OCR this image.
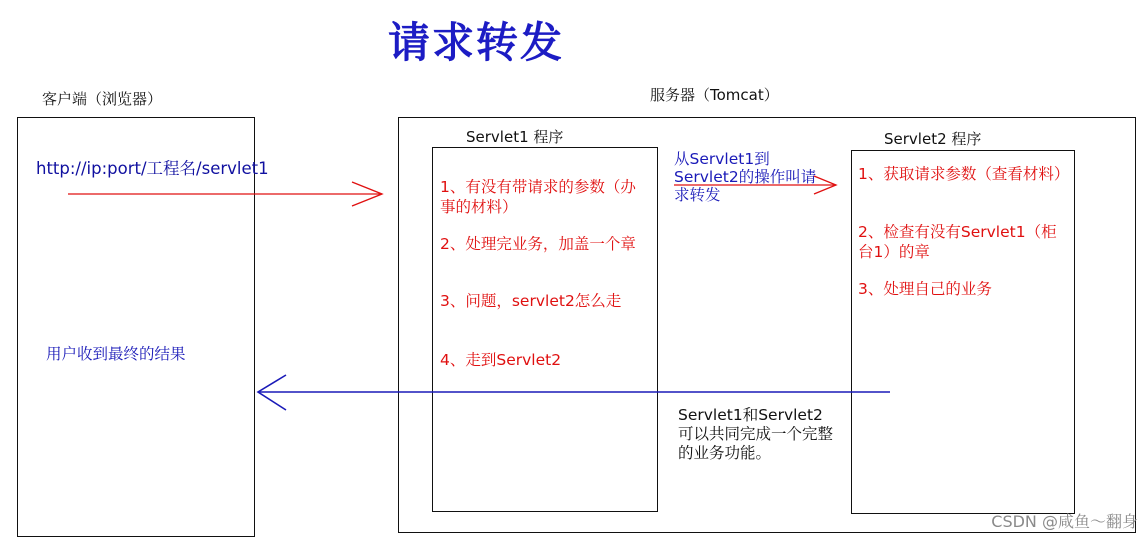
请求转发
客户端（浏览器）
http://ip:port/工程名/servlet1
用户收到最终的结果
服务器（Tomcat）
Servlet1 程序
1、有没有带请求的参数（办事的材料）
2、处理完业务，加盖一个章
3、问题，servlet2怎么走
4、走到Servlet2
Servlet2 程序
1、获取请求参数（查看材料）
2、检查有没有Servlet1（柜台1）的章
3、处理自己的业务
从Servlet1到Servlet2的操作叫请求转发
Servlet1和Servlet2可以共同完成一个完整的业务功能。
CSDN @咸鱼～翻身
